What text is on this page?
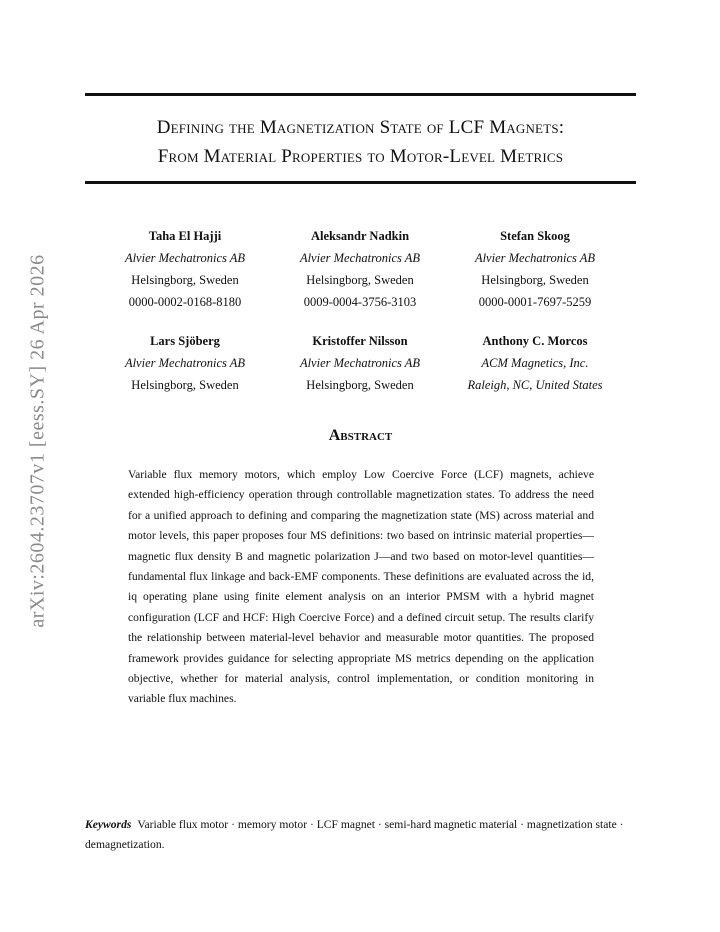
arXiv:2604.23707v1 [eess.SY] 26 Apr 2026
Defining the Magnetization State of LCF Magnets:
From Material Properties to Motor-Level Metrics
Taha El Hajji
Alvier Mechatronics AB
Helsingborg, Sweden
0000-0002-0168-8180
Aleksandr Nadkin
Alvier Mechatronics AB
Helsingborg, Sweden
0009-0004-3756-3103
Stefan Skoog
Alvier Mechatronics AB
Helsingborg, Sweden
0000-0001-7697-5259
Lars Sjöberg
Alvier Mechatronics AB
Helsingborg, Sweden
Kristoffer Nilsson
Alvier Mechatronics AB
Helsingborg, Sweden
Anthony C. Morcos
ACM Magnetics, Inc.
Raleigh, NC, United States
Abstract
Variable flux memory motors, which employ Low Coercive Force (LCF) magnets, achieve extended high-efficiency operation through controllable magnetization states. To address the need for a unified approach to defining and comparing the magnetization state (MS) across material and motor levels, this paper proposes four MS definitions: two based on intrinsic material properties—magnetic flux density B and magnetic polarization J—and two based on motor-level quantities—fundamental flux linkage and back-EMF components. These definitions are evaluated across the id, iq operating plane using finite element analysis on an interior PMSM with a hybrid magnet configuration (LCF and HCF: High Coercive Force) and a defined circuit setup. The results clarify the relationship between material-level behavior and measurable motor quantities. The proposed framework provides guidance for selecting appropriate MS metrics depending on the application objective, whether for material analysis, control implementation, or condition monitoring in variable flux machines.
Keywords Variable flux motor · memory motor · LCF magnet · semi-hard magnetic material · magnetization state · demagnetization.
